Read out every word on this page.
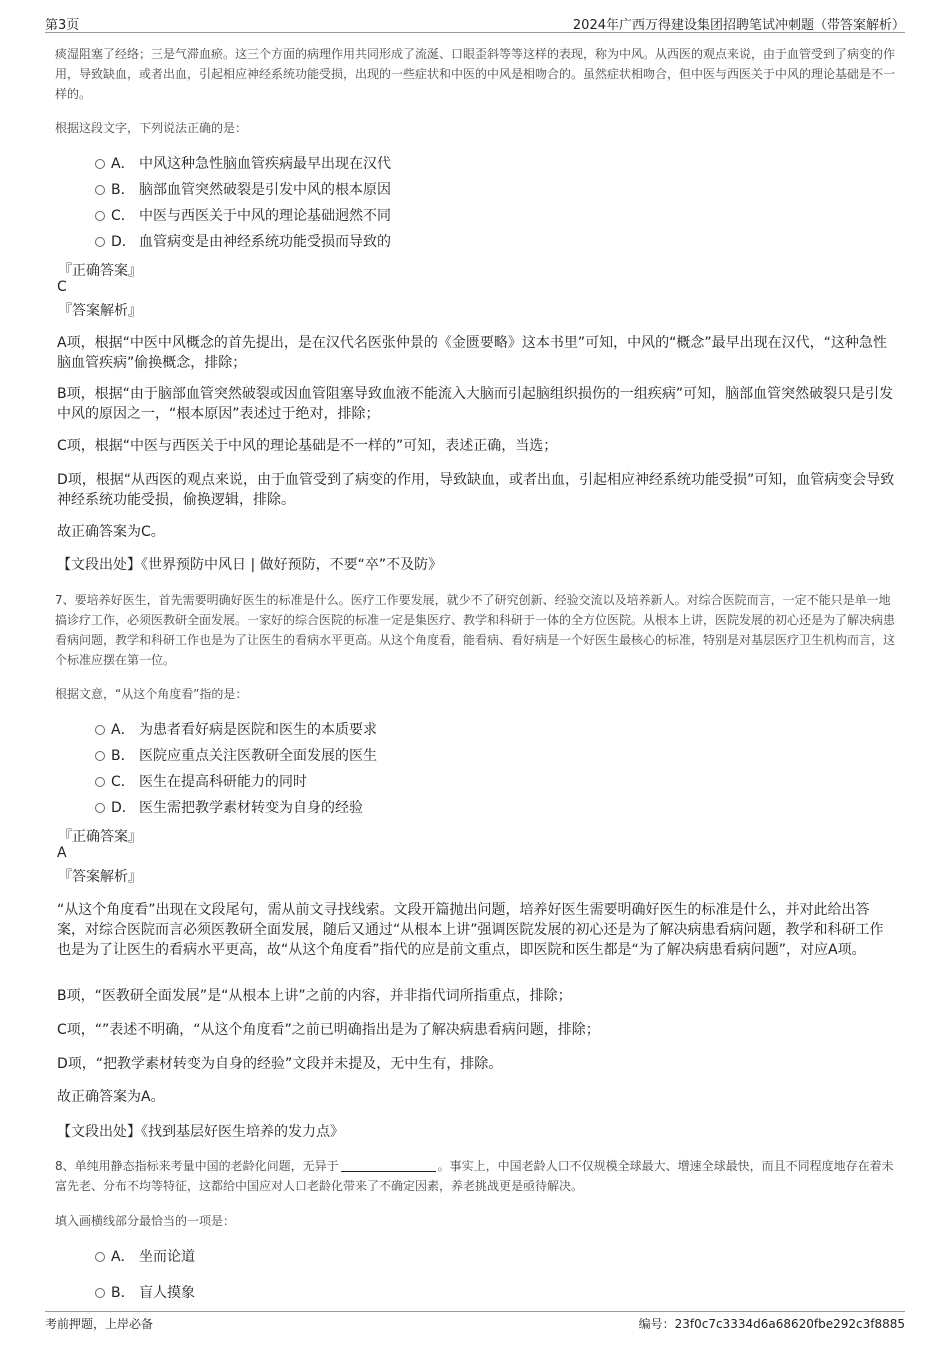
第3页	2024年广西万得建设集团招聘笔试冲刺题（带答案解析）
痰湿阻塞了经络；三是气滞血瘀。这三个方面的病理作用共同形成了流涎、口眼歪斜等等这样的表现，称为中风。从西医的观点来说，由于血管受到了病变的作用，导致缺血，或者出血，引起相应神经系统功能受损，出现的一些症状和中医的中风是相吻合的。虽然症状相吻合，但中医与西医关于中风的理论基础是不一样的。
根据这段文字，下列说法正确的是：
A． 中风这种急性脑血管疾病最早出现在汉代
B． 脑部血管突然破裂是引发中风的根本原因
C． 中医与西医关于中风的理论基础迥然不同
D． 血管病变是由神经系统功能受损而导致的
『正确答案』
C
『答案解析』
A项，根据“中医中风概念的首先提出，是在汉代名医张仲景的《金匮要略》这本书里”可知，中风的“概念”最早出现在汉代，“这种急性脑血管疾病”偷换概念，排除；
B项，根据“由于脑部血管突然破裂或因血管阻塞导致血液不能流入大脑而引起脑组织损伤的一组疾病”可知，脑部血管突然破裂只是引发中风的原因之一，“根本原因”表述过于绝对，排除；
C项，根据“中医与西医关于中风的理论基础是不一样的”可知，表述正确，当选；
D项，根据“从西医的观点来说，由于血管受到了病变的作用，导致缺血，或者出血，引起相应神经系统功能受损”可知，血管病变会导致神经系统功能受损，偷换逻辑，排除。
故正确答案为C。
【文段出处】《世界预防中风日 | 做好预防，不要“卒”不及防》
7、要培养好医生，首先需要明确好医生的标准是什么。医疗工作要发展，就少不了研究创新、经验交流以及培养新人。对综合医院而言，一定不能只是单一地搞诊疗工作，必须医教研全面发展。一家好的综合医院的标准一定是集医疗、教学和科研于一体的全方位医院。从根本上讲，医院发展的初心还是为了解决病患看病问题，教学和科研工作也是为了让医生的看病水平更高。从这个角度看，能看病、看好病是一个好医生最核心的标准，特别是对基层医疗卫生机构而言，这个标准应摆在第一位。
根据文意，“从这个角度看”指的是：
A． 为患者看好病是医院和医生的本质要求
B． 医院应重点关注医教研全面发展的医生
C． 医生在提高科研能力的同时
D． 医生需把教学素材转变为自身的经验
『正确答案』
A
『答案解析』
“从这个角度看”出现在文段尾句，需从前文寻找线索。文段开篇抛出问题，培养好医生需要明确好医生的标准是什么，并对此给出答案，对综合医院而言必须医教研全面发展，随后又通过“从根本上讲”强调医院发展的初心还是为了解决病患看病问题，教学和科研工作也是为了让医生的看病水平更高，故“从这个角度看”指代的应是前文重点，即医院和医生都是“为了解决病患看病问题”，对应A项。
B项，“医教研全面发展”是“从根本上讲”之前的内容，并非指代词所指重点，排除；
C项，“”表述不明确，“从这个角度看”之前已明确指出是为了解决病患看病问题，排除；
D项，“把教学素材转变为自身的经验”文段并未提及，无中生有，排除。
故正确答案为A。
【文段出处】《找到基层好医生培养的发力点》
8、单纯用静态指标来考量中国的老龄化问题，无异于	。事实上，中国老龄人口不仅规模全球最大、增速全球最快，而且不同程度地存在着未富先老、分布不均等特征，这都给中国应对人口老龄化带来了不确定因素，养老挑战更是亟待解决。
填入画横线部分最恰当的一项是：
A． 坐而论道
B． 盲人摸象
考前押题，上岸必备	编号：23f0c7c3334d6a68620fbe292c3f8885
